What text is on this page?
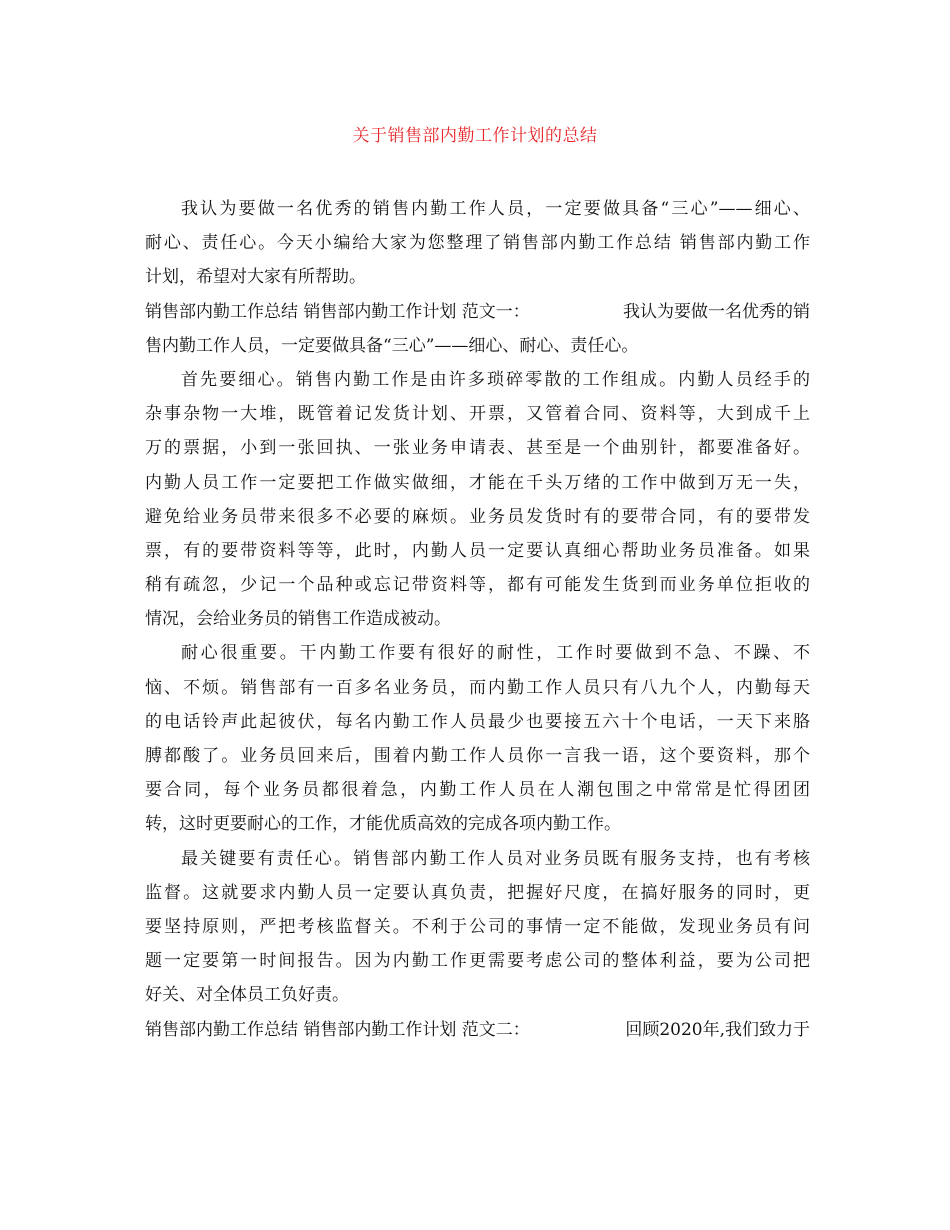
关于销售部内勤工作计划的总结
我认为要做一名优秀的销售内勤工作人员，一定要做具备“三心”——细心、
耐心、责任心。今天小编给大家为您整理了销售部内勤工作总结 销售部内勤工作
计划，希望对大家有所帮助。
销售部内勤工作总结 销售部内勤工作计划 范文一：	我认为要做一名优秀的销
售内勤工作人员，一定要做具备“三心”——细心、耐心、责任心。
首先要细心。销售内勤工作是由许多琐碎零散的工作组成。内勤人员经手的
杂事杂物一大堆，既管着记发货计划、开票，又管着合同、资料等，大到成千上
万的票据，小到一张回执、一张业务申请表、甚至是一个曲别针，都要准备好。
内勤人员工作一定要把工作做实做细，才能在千头万绪的工作中做到万无一失，
避免给业务员带来很多不必要的麻烦。业务员发货时有的要带合同，有的要带发
票，有的要带资料等等，此时，内勤人员一定要认真细心帮助业务员准备。如果
稍有疏忽，少记一个品种或忘记带资料等，都有可能发生货到而业务单位拒收的
情况，会给业务员的销售工作造成被动。
耐心很重要。干内勤工作要有很好的耐性，工作时要做到不急、不躁、不
恼、不烦。销售部有一百多名业务员，而内勤工作人员只有八九个人，内勤每天
的电话铃声此起彼伏，每名内勤工作人员最少也要接五六十个电话，一天下来胳
膊都酸了。业务员回来后，围着内勤工作人员你一言我一语，这个要资料，那个
要合同，每个业务员都很着急，内勤工作人员在人潮包围之中常常是忙得团团
转，这时更要耐心的工作，才能优质高效的完成各项内勤工作。
最关键要有责任心。销售部内勤工作人员对业务员既有服务支持，也有考核
监督。这就要求内勤人员一定要认真负责，把握好尺度，在搞好服务的同时，更
要坚持原则，严把考核监督关。不利于公司的事情一定不能做，发现业务员有问
题一定要第一时间报告。因为内勤工作更需要考虑公司的整体利益，要为公司把
好关、对全体员工负好责。
销售部内勤工作总结 销售部内勤工作计划 范文二：	回顾2020年,我们致力于
